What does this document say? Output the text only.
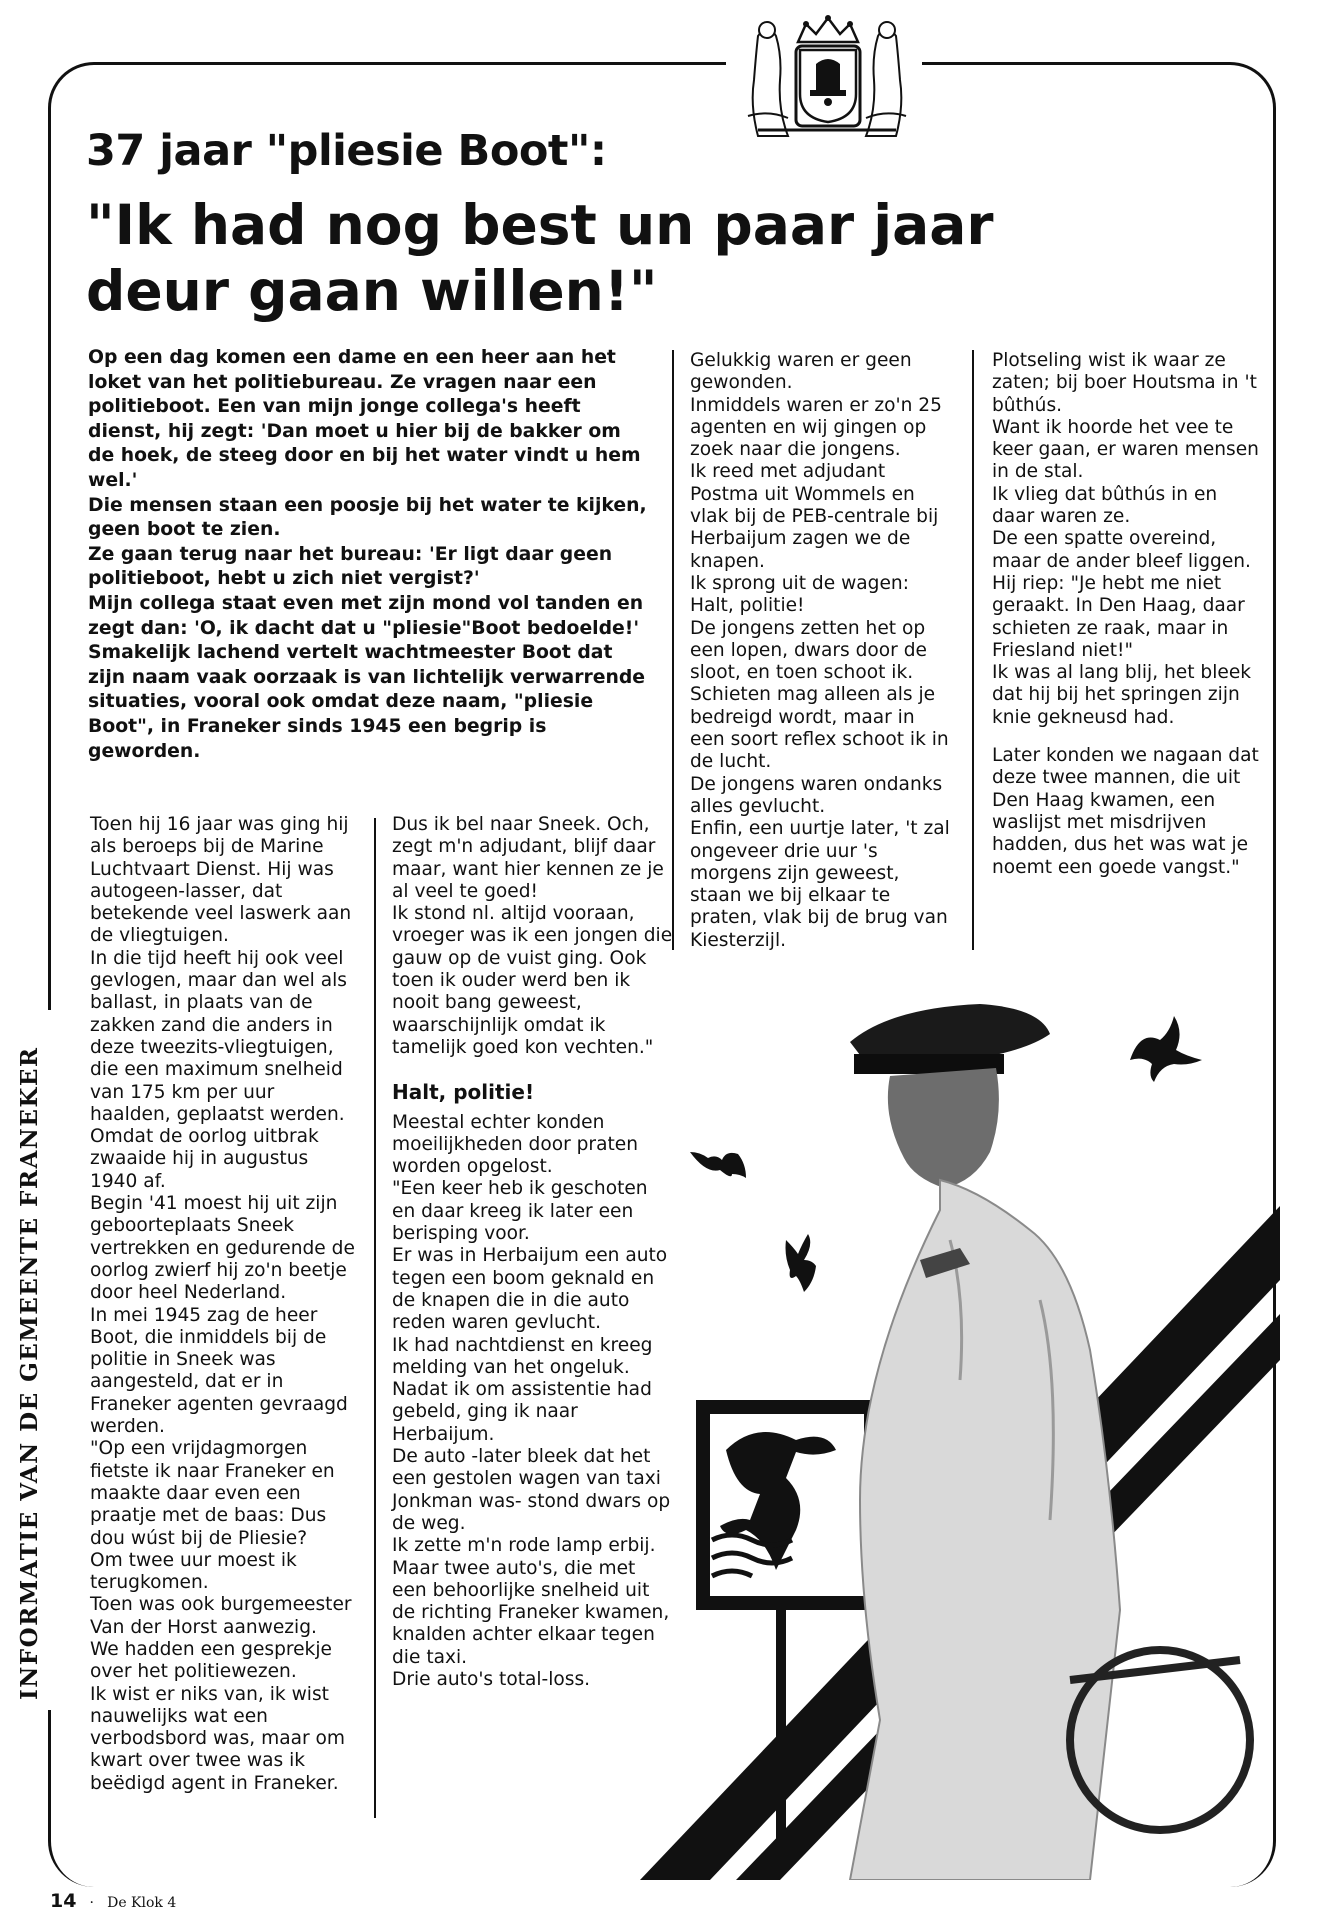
INFORMATIE VAN DE GEMEENTE FRANEKER
37 jaar "pliesie Boot":
"Ik had nog best un paar jaar deur gaan willen!"

Op een dag komen een dame en een heer aan het loket van het politiebureau. Ze vragen naar een politieboot. Een van mijn jonge collega's heeft dienst, hij zegt: 'Dan moet u hier bij de bakker om de hoek, de steeg door en bij het water vindt u hem wel.'

Die mensen staan een poosje bij het water te kijken, geen boot te zien.

Ze gaan terug naar het bureau: 'Er ligt daar geen politieboot, hebt u zich niet vergist?'

Mijn collega staat even met zijn mond vol tanden en zegt dan: 'O, ik dacht dat u "pliesie"Boot bedoelde!'

Smakelijk lachend vertelt wachtmeester Boot dat zijn naam vaak oorzaak is van lichtelijk verwarrende situaties, vooral ook omdat deze naam, "pliesie Boot", in Franeker sinds 1945 een begrip is geworden.

Toen hij 16 jaar was ging hij als beroeps bij de Marine Luchtvaart Dienst. Hij was autogeen-lasser, dat betekende veel laswerk aan de vliegtuigen.

In die tijd heeft hij ook veel gevlogen, maar dan wel als ballast, in plaats van de zakken zand die anders in deze tweezits-vliegtuigen, die een maximum snelheid van 175 km per uur haalden, geplaatst werden.

Omdat de oorlog uitbrak zwaaide hij in augustus 1940 af.

Begin '41 moest hij uit zijn geboorteplaats Sneek vertrekken en gedurende de oorlog zwierf hij zo'n beetje door heel Nederland.

In mei 1945 zag de heer Boot, die inmiddels bij de politie in Sneek was aangesteld, dat er in Franeker agenten gevraagd werden.

"Op een vrijdagmorgen fietste ik naar Franeker en maakte daar even een praatje met de baas: Dus dou wúst bij de Pliesie?

Om twee uur moest ik terugkomen.

Toen was ook burgemeester Van der Horst aanwezig.

We hadden een gesprekje over het politiewezen.

Ik wist er niks van, ik wist nauwelijks wat een verbodsbord was, maar om kwart over twee was ik beëdigd agent in Franeker.

Dus ik bel naar Sneek. Och, zegt m'n adjudant, blijf daar maar, want hier kennen ze je al veel te goed!

Ik stond nl. altijd vooraan, vroeger was ik een jongen die gauw op de vuist ging. Ook toen ik ouder werd ben ik nooit bang geweest, waarschijnlijk omdat ik tamelijk goed kon vechten."

Halt, politie!

Meestal echter konden moeilijkheden door praten worden opgelost.

"Een keer heb ik geschoten en daar kreeg ik later een berisping voor.

Er was in Herbaijum een auto tegen een boom geknald en de knapen die in die auto reden waren gevlucht.

Ik had nachtdienst en kreeg melding van het ongeluk.

Nadat ik om assistentie had gebeld, ging ik naar Herbaijum.

De auto -later bleek dat het een gestolen wagen van taxi Jonkman was- stond dwars op de weg.

Ik zette m'n rode lamp erbij.

Maar twee auto's, die met een behoorlijke snelheid uit de richting Franeker kwamen, knalden achter elkaar tegen die taxi.

Drie auto's total-loss.

Gelukkig waren er geen gewonden.

Inmiddels waren er zo'n 25 agenten en wij gingen op zoek naar die jongens.

Ik reed met adjudant Postma uit Wommels en vlak bij de PEB-centrale bij Herbaijum zagen we de knapen.

Ik sprong uit de wagen: Halt, politie!

De jongens zetten het op een lopen, dwars door de sloot, en toen schoot ik.

Schieten mag alleen als je bedreigd wordt, maar in een soort reflex schoot ik in de lucht.

De jongens waren ondanks alles gevlucht.

Enfin, een uurtje later, 't zal ongeveer drie uur 's morgens zijn geweest, staan we bij elkaar te praten, vlak bij de brug van Kiesterzijl.

Plotseling wist ik waar ze zaten; bij boer Houtsma in 't bûthús.

Want ik hoorde het vee te keer gaan, er waren mensen in de stal.

Ik vlieg dat bûthús in en daar waren ze.

De een spatte overeind, maar de ander bleef liggen.

Hij riep: "Je hebt me niet geraakt. In Den Haag, daar schieten ze raak, maar in Friesland niet!"

Ik was al lang blij, het bleek dat hij bij het springen zijn knie gekneusd had.

Later konden we nagaan dat deze twee mannen, die uit Den Haag kwamen, een waslijst met misdrijven hadden, dus het was wat je noemt een goede vangst."

14 · De Klok 4
